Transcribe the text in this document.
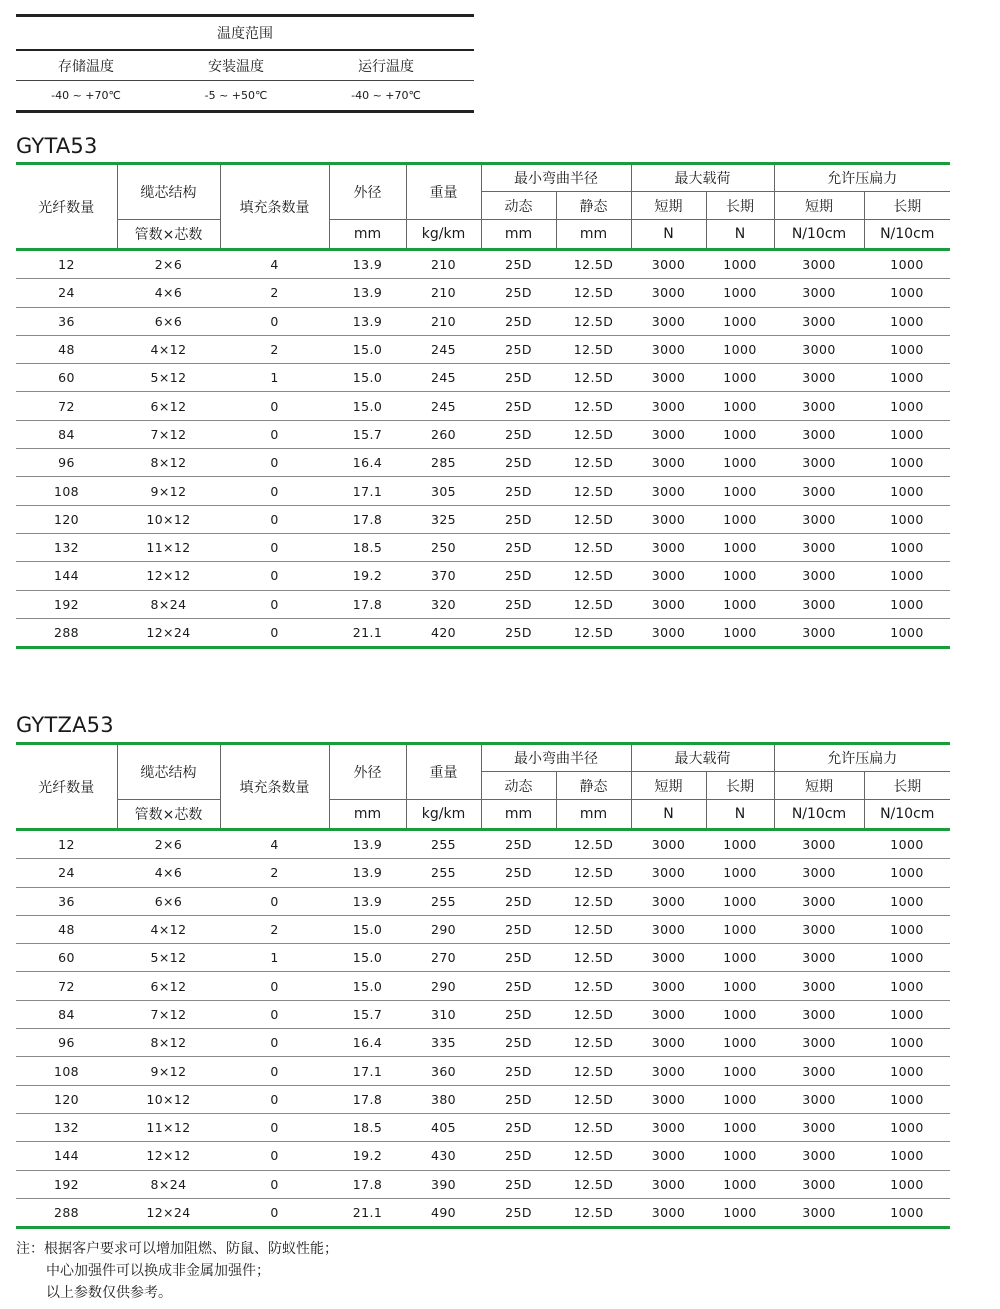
温度范围
存储温度	安装温度	运行温度
-40 ~ +70℃	-5 ~ +50℃	-40 ~ +70℃
GYTA53
光纤数量	缆芯结构	填充条数量	外径	重量	最小弯曲半径		最大载荷		允许压扁力	
					动态	静态	短期	长期	短期	长期
	管数×芯数		mm	kg/km	mm	mm	N	N	N/10cm	N/10cm
12	2×6	4	13.9	210	25D	12.5D	3000	1000	3000	1000
24	4×6	2	13.9	210	25D	12.5D	3000	1000	3000	1000
36	6×6	0	13.9	210	25D	12.5D	3000	1000	3000	1000
48	4×12	2	15.0	245	25D	12.5D	3000	1000	3000	1000
60	5×12	1	15.0	245	25D	12.5D	3000	1000	3000	1000
72	6×12	0	15.0	245	25D	12.5D	3000	1000	3000	1000
84	7×12	0	15.7	260	25D	12.5D	3000	1000	3000	1000
96	8×12	0	16.4	285	25D	12.5D	3000	1000	3000	1000
108	9×12	0	17.1	305	25D	12.5D	3000	1000	3000	1000
120	10×12	0	17.8	325	25D	12.5D	3000	1000	3000	1000
132	11×12	0	18.5	250	25D	12.5D	3000	1000	3000	1000
144	12×12	0	19.2	370	25D	12.5D	3000	1000	3000	1000
192	8×24	0	17.8	320	25D	12.5D	3000	1000	3000	1000
288	12×24	0	21.1	420	25D	12.5D	3000	1000	3000	1000
GYTZA53
光纤数量	缆芯结构	填充条数量	外径	重量	最小弯曲半径		最大载荷		允许压扁力	
					动态	静态	短期	长期	短期	长期
	管数×芯数		mm	kg/km	mm	mm	N	N	N/10cm	N/10cm
12	2×6	4	13.9	255	25D	12.5D	3000	1000	3000	1000
24	4×6	2	13.9	255	25D	12.5D	3000	1000	3000	1000
36	6×6	0	13.9	255	25D	12.5D	3000	1000	3000	1000
48	4×12	2	15.0	290	25D	12.5D	3000	1000	3000	1000
60	5×12	1	15.0	270	25D	12.5D	3000	1000	3000	1000
72	6×12	0	15.0	290	25D	12.5D	3000	1000	3000	1000
84	7×12	0	15.7	310	25D	12.5D	3000	1000	3000	1000
96	8×12	0	16.4	335	25D	12.5D	3000	1000	3000	1000
108	9×12	0	17.1	360	25D	12.5D	3000	1000	3000	1000
120	10×12	0	17.8	380	25D	12.5D	3000	1000	3000	1000
132	11×12	0	18.5	405	25D	12.5D	3000	1000	3000	1000
144	12×12	0	19.2	430	25D	12.5D	3000	1000	3000	1000
192	8×24	0	17.8	390	25D	12.5D	3000	1000	3000	1000
288	12×24	0	21.1	490	25D	12.5D	3000	1000	3000	1000
注：根据客户要求可以增加阻燃、防鼠、防蚁性能；
中心加强件可以换成非金属加强件；
以上参数仅供参考。
